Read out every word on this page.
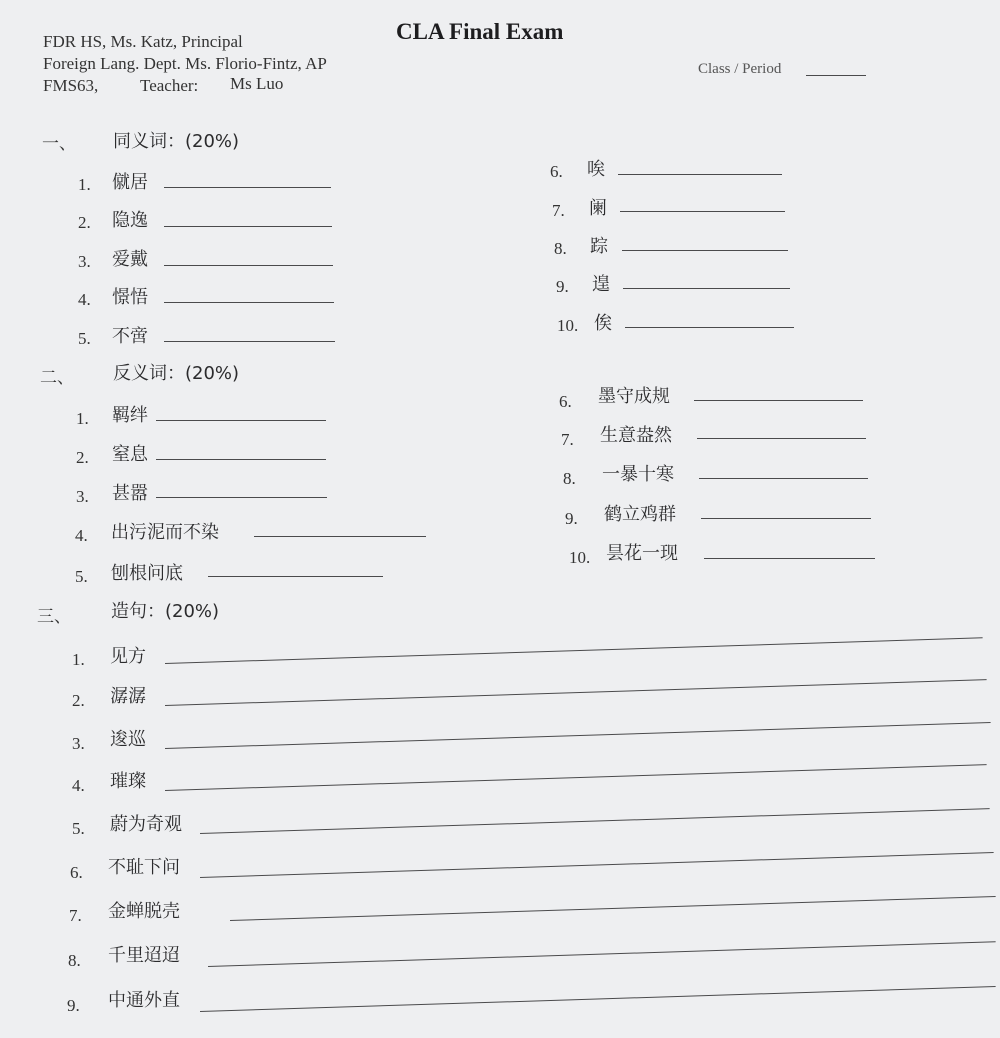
FDR HS, Ms. Katz, Principal
Foreign Lang. Dept. Ms. Florio-Fintz, AP
FMS63, Teacher: Ms Luo
CLA Final Exam
Class / Period
一、 同义词：(20%)
1. 僦居
2. 隐逸
3. 爱戴
4. 憬悟
5. 不啻
6. 唉
7. 阑
8. 踪
9. 遑
10. 俟
二、 反义词：(20%)
1. 羁绊
2. 窒息
3. 甚嚣
4. 出污泥而不染
5. 刨根问底
6. 墨守成规
7. 生意盎然
8. 一暴十寒
9. 鹤立鸡群
10. 昙花一现
三、 造句：(20%)
1. 见方
2. 潺潺
3. 逡巡
4. 璀璨
5. 蔚为奇观
6. 不耻下问
7. 金蝉脱壳
8. 千里迢迢
9. 中通外直
